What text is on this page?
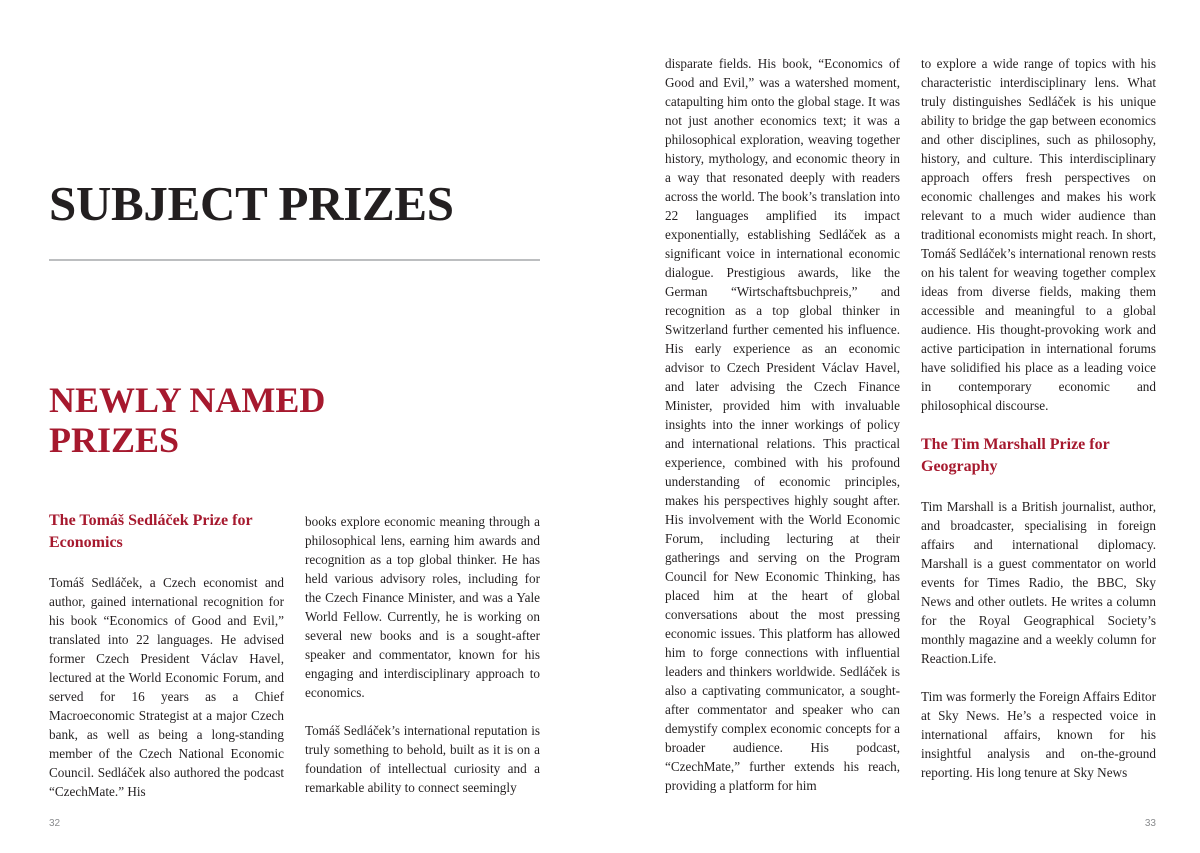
SUBJECT PRIZES
NEWLY NAMED
PRIZES
The Tomáš Sedláček Prize for Economics

Tomáš Sedláček, a Czech economist and author, gained international recognition for his book “Economics of Good and Evil,” translated into 22 languages. He advised former Czech President Václav Havel, lectured at the World Economic Forum, and served for 16 years as a Chief Macroeconomic Strategist at a major Czech bank, as well as being a long-standing member of the Czech National Economic Council. Sedláček also authored the podcast “CzechMate.” His

books explore economic meaning through a philosophical lens, earning him awards and recognition as a top global thinker. He has held various advisory roles, including for the Czech Finance Minister, and was a Yale World Fellow. Currently, he is working on several new books and is a sought-after speaker and commentator, known for his engaging and interdisciplinary approach to economics.

Tomáš Sedláček’s international reputation is truly something to behold, built as it is on a foundation of intellectual curiosity and a remarkable ability to connect seemingly

32

disparate fields. His book, “Economics of Good and Evil,” was a watershed moment, catapulting him onto the global stage. It was not just another economics text; it was a philosophical exploration, weaving together history, mythology, and economic theory in a way that resonated deeply with readers across the world. The book’s translation into 22 languages amplified its impact exponentially, establishing Sedláček as a significant voice in international economic dialogue. Prestigious awards, like the German “Wirtschaftsbuchpreis,” and recognition as a top global thinker in Switzerland further cemented his influence. His early experience as an economic advisor to Czech President Václav Havel, and later advising the Czech Finance Minister, provided him with invaluable insights into the inner workings of policy and international relations. This practical experience, combined with his profound understanding of economic principles, makes his perspectives highly sought after. His involvement with the World Economic Forum, including lecturing at their gatherings and serving on the Program Council for New Economic Thinking, has placed him at the heart of global conversations about the most pressing economic issues. This platform has allowed him to forge connections with influential leaders and thinkers worldwide. Sedláček is also a captivating communicator, a sought-after commentator and speaker who can demystify complex economic concepts for a broader audience. His podcast, “CzechMate,” further extends his reach, providing a platform for him

to explore a wide range of topics with his characteristic interdisciplinary lens. What truly distinguishes Sedláček is his unique ability to bridge the gap between economics and other disciplines, such as philosophy, history, and culture. This interdisciplinary approach offers fresh perspectives on economic challenges and makes his work relevant to a much wider audience than traditional economists might reach. In short, Tomáš Sedláček’s international renown rests on his talent for weaving together complex ideas from diverse fields, making them accessible and meaningful to a global audience. His thought-provoking work and active participation in international forums have solidified his place as a leading voice in contemporary economic and philosophical discourse.

The Tim Marshall Prize for Geography

Tim Marshall is a British journalist, author, and broadcaster, specialising in foreign affairs and international diplomacy. Marshall is a guest commentator on world events for Times Radio, the BBC, Sky News and other outlets. He writes a column for the Royal Geographical Society’s monthly magazine and a weekly column for Reaction.Life.

Tim was formerly the Foreign Affairs Editor at Sky News. He’s a respected voice in international affairs, known for his insightful analysis and on-the-ground reporting. His long tenure at Sky News

33
